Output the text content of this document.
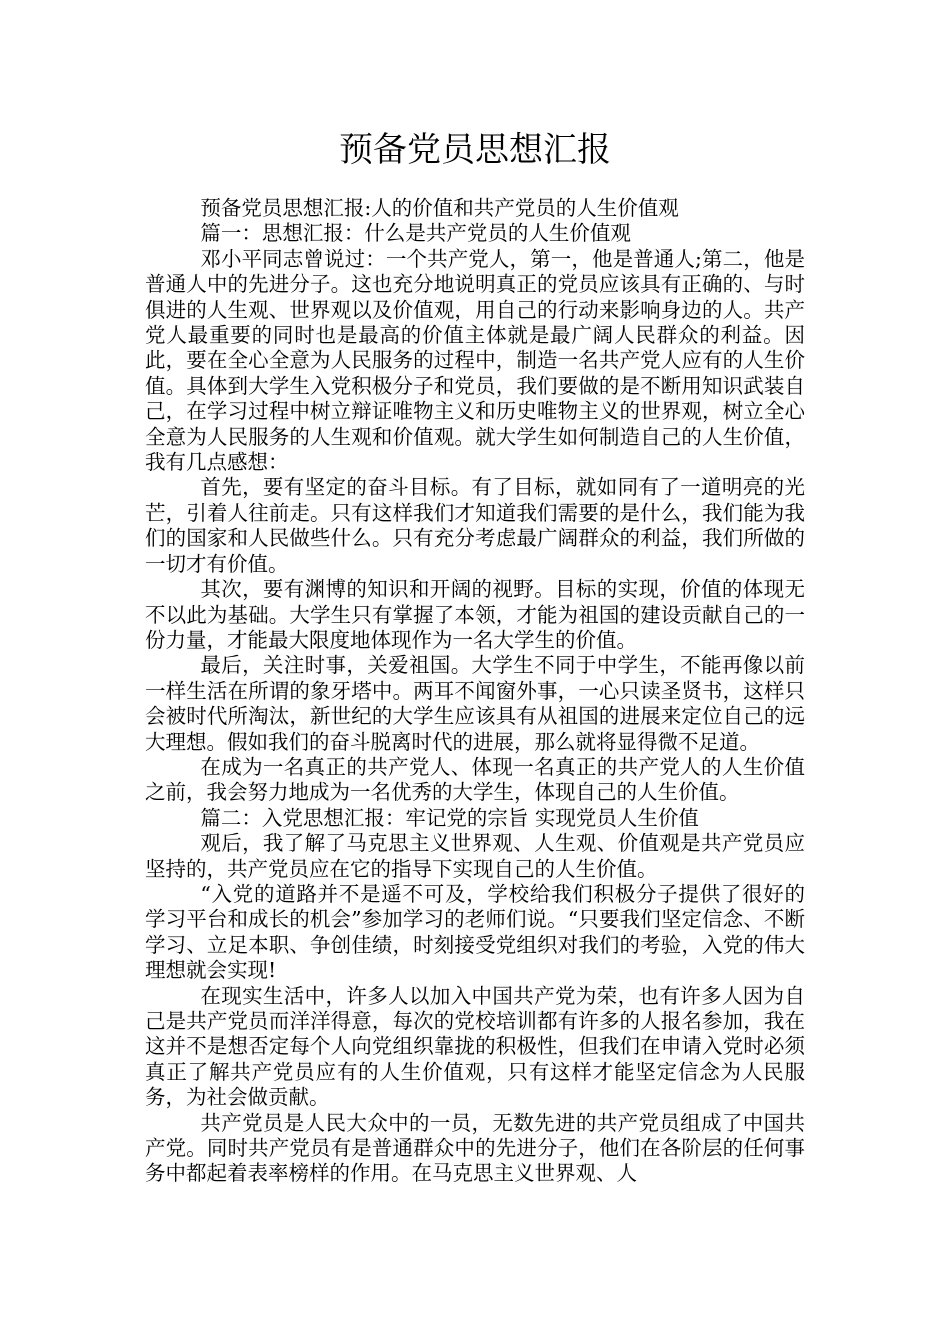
预备党员思想汇报

预备党员思想汇报:人的价值和共产党员的人生价值观

篇一：思想汇报：什么是共产党员的人生价值观

邓小平同志曾说过：一个共产党人，第一，他是普通人;第二，他是普通人中的先进分子。这也充分地说明真正的党员应该具有正确的、与时俱进的人生观、世界观以及价值观，用自己的行动来影响身边的人。共产党人最重要的同时也是最高的价值主体就是最广阔人民群众的利益。因此，要在全心全意为人民服务的过程中，制造一名共产党人应有的人生价值。具体到大学生入党积极分子和党员，我们要做的是不断用知识武装自己，在学习过程中树立辩证唯物主义和历史唯物主义的世界观，树立全心全意为人民服务的人生观和价值观。就大学生如何制造自己的人生价值，我有几点感想：

首先，要有坚定的奋斗目标。有了目标，就如同有了一道明亮的光芒，引着人往前走。只有这样我们才知道我们需要的是什么，我们能为我们的国家和人民做些什么。只有充分考虑最广阔群众的利益，我们所做的一切才有价值。

其次，要有渊博的知识和开阔的视野。目标的实现，价值的体现无不以此为基础。大学生只有掌握了本领，才能为祖国的建设贡献自己的一份力量，才能最大限度地体现作为一名大学生的价值。

最后，关注时事，关爱祖国。大学生不同于中学生，不能再像以前一样生活在所谓的象牙塔中。两耳不闻窗外事，一心只读圣贤书，这样只会被时代所淘汰，新世纪的大学生应该具有从祖国的进展来定位自己的远大理想。假如我们的奋斗脱离时代的进展，那么就将显得微不足道。

在成为一名真正的共产党人、体现一名真正的共产党人的人生价值之前，我会努力地成为一名优秀的大学生，体现自己的人生价值。

篇二：入党思想汇报：牢记党的宗旨 实现党员人生价值

观后，我了解了马克思主义世界观、人生观、价值观是共产党员应坚持的，共产党员应在它的指导下实现自己的人生价值。

“入党的道路并不是遥不可及，学校给我们积极分子提供了很好的学习平台和成长的机会”参加学习的老师们说。“只要我们坚定信念、不断学习、立足本职、争创佳绩，时刻接受党组织对我们的考验，入党的伟大理想就会实现!

在现实生活中，许多人以加入中国共产党为荣，也有许多人因为自己是共产党员而洋洋得意，每次的党校培训都有许多的人报名参加，我在这并不是想否定每个人向党组织靠拢的积极性，但我们在申请入党时必须真正了解共产党员应有的人生价值观，只有这样才能坚定信念为人民服务，为社会做贡献。

共产党员是人民大众中的一员，无数先进的共产党员组成了中国共产党。同时共产党员有是普通群众中的先进分子，他们在各阶层的任何事务中都起着表率榜样的作用。在马克思主义世界观、人
